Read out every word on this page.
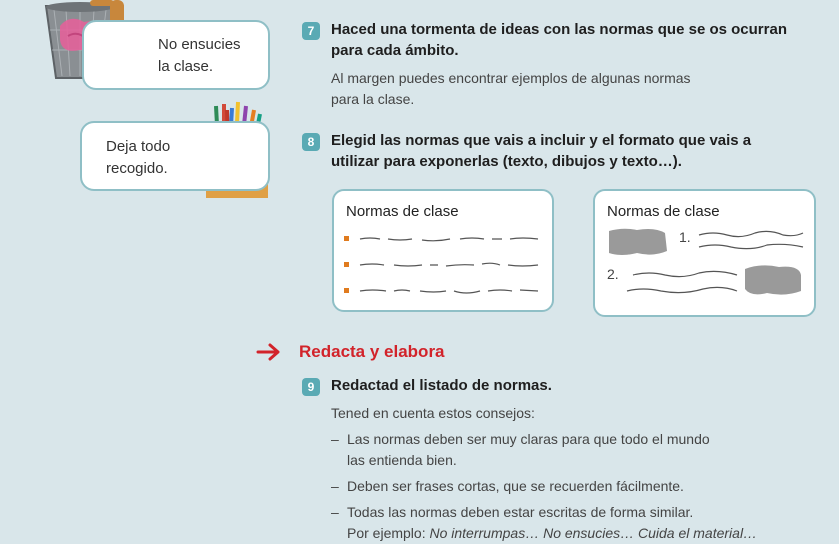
No ensucies
la clase.
Deja todo
recogido.
7	Haced una tormenta de ideas con las normas que se os ocurran
para cada ámbito.
Al margen puedes encontrar ejemplos de algunas normas
para la clase.
8	Elegid las normas que vais a incluir y el formato que vais a
utilizar para exponerlas (texto, dibujos y texto…).
Normas de clase	Normas de clase
1.
2.
Redacta y elabora
9	Redactad el listado de normas.
Tened en cuenta estos consejos:
– Las normas deben ser muy claras para que todo el mundo
las entienda bien.
– Deben ser frases cortas, que se recuerden fácilmente.
– Todas las normas deben estar escritas de forma similar.
Por ejemplo: No interrumpas… No ensucies… Cuida el material…
